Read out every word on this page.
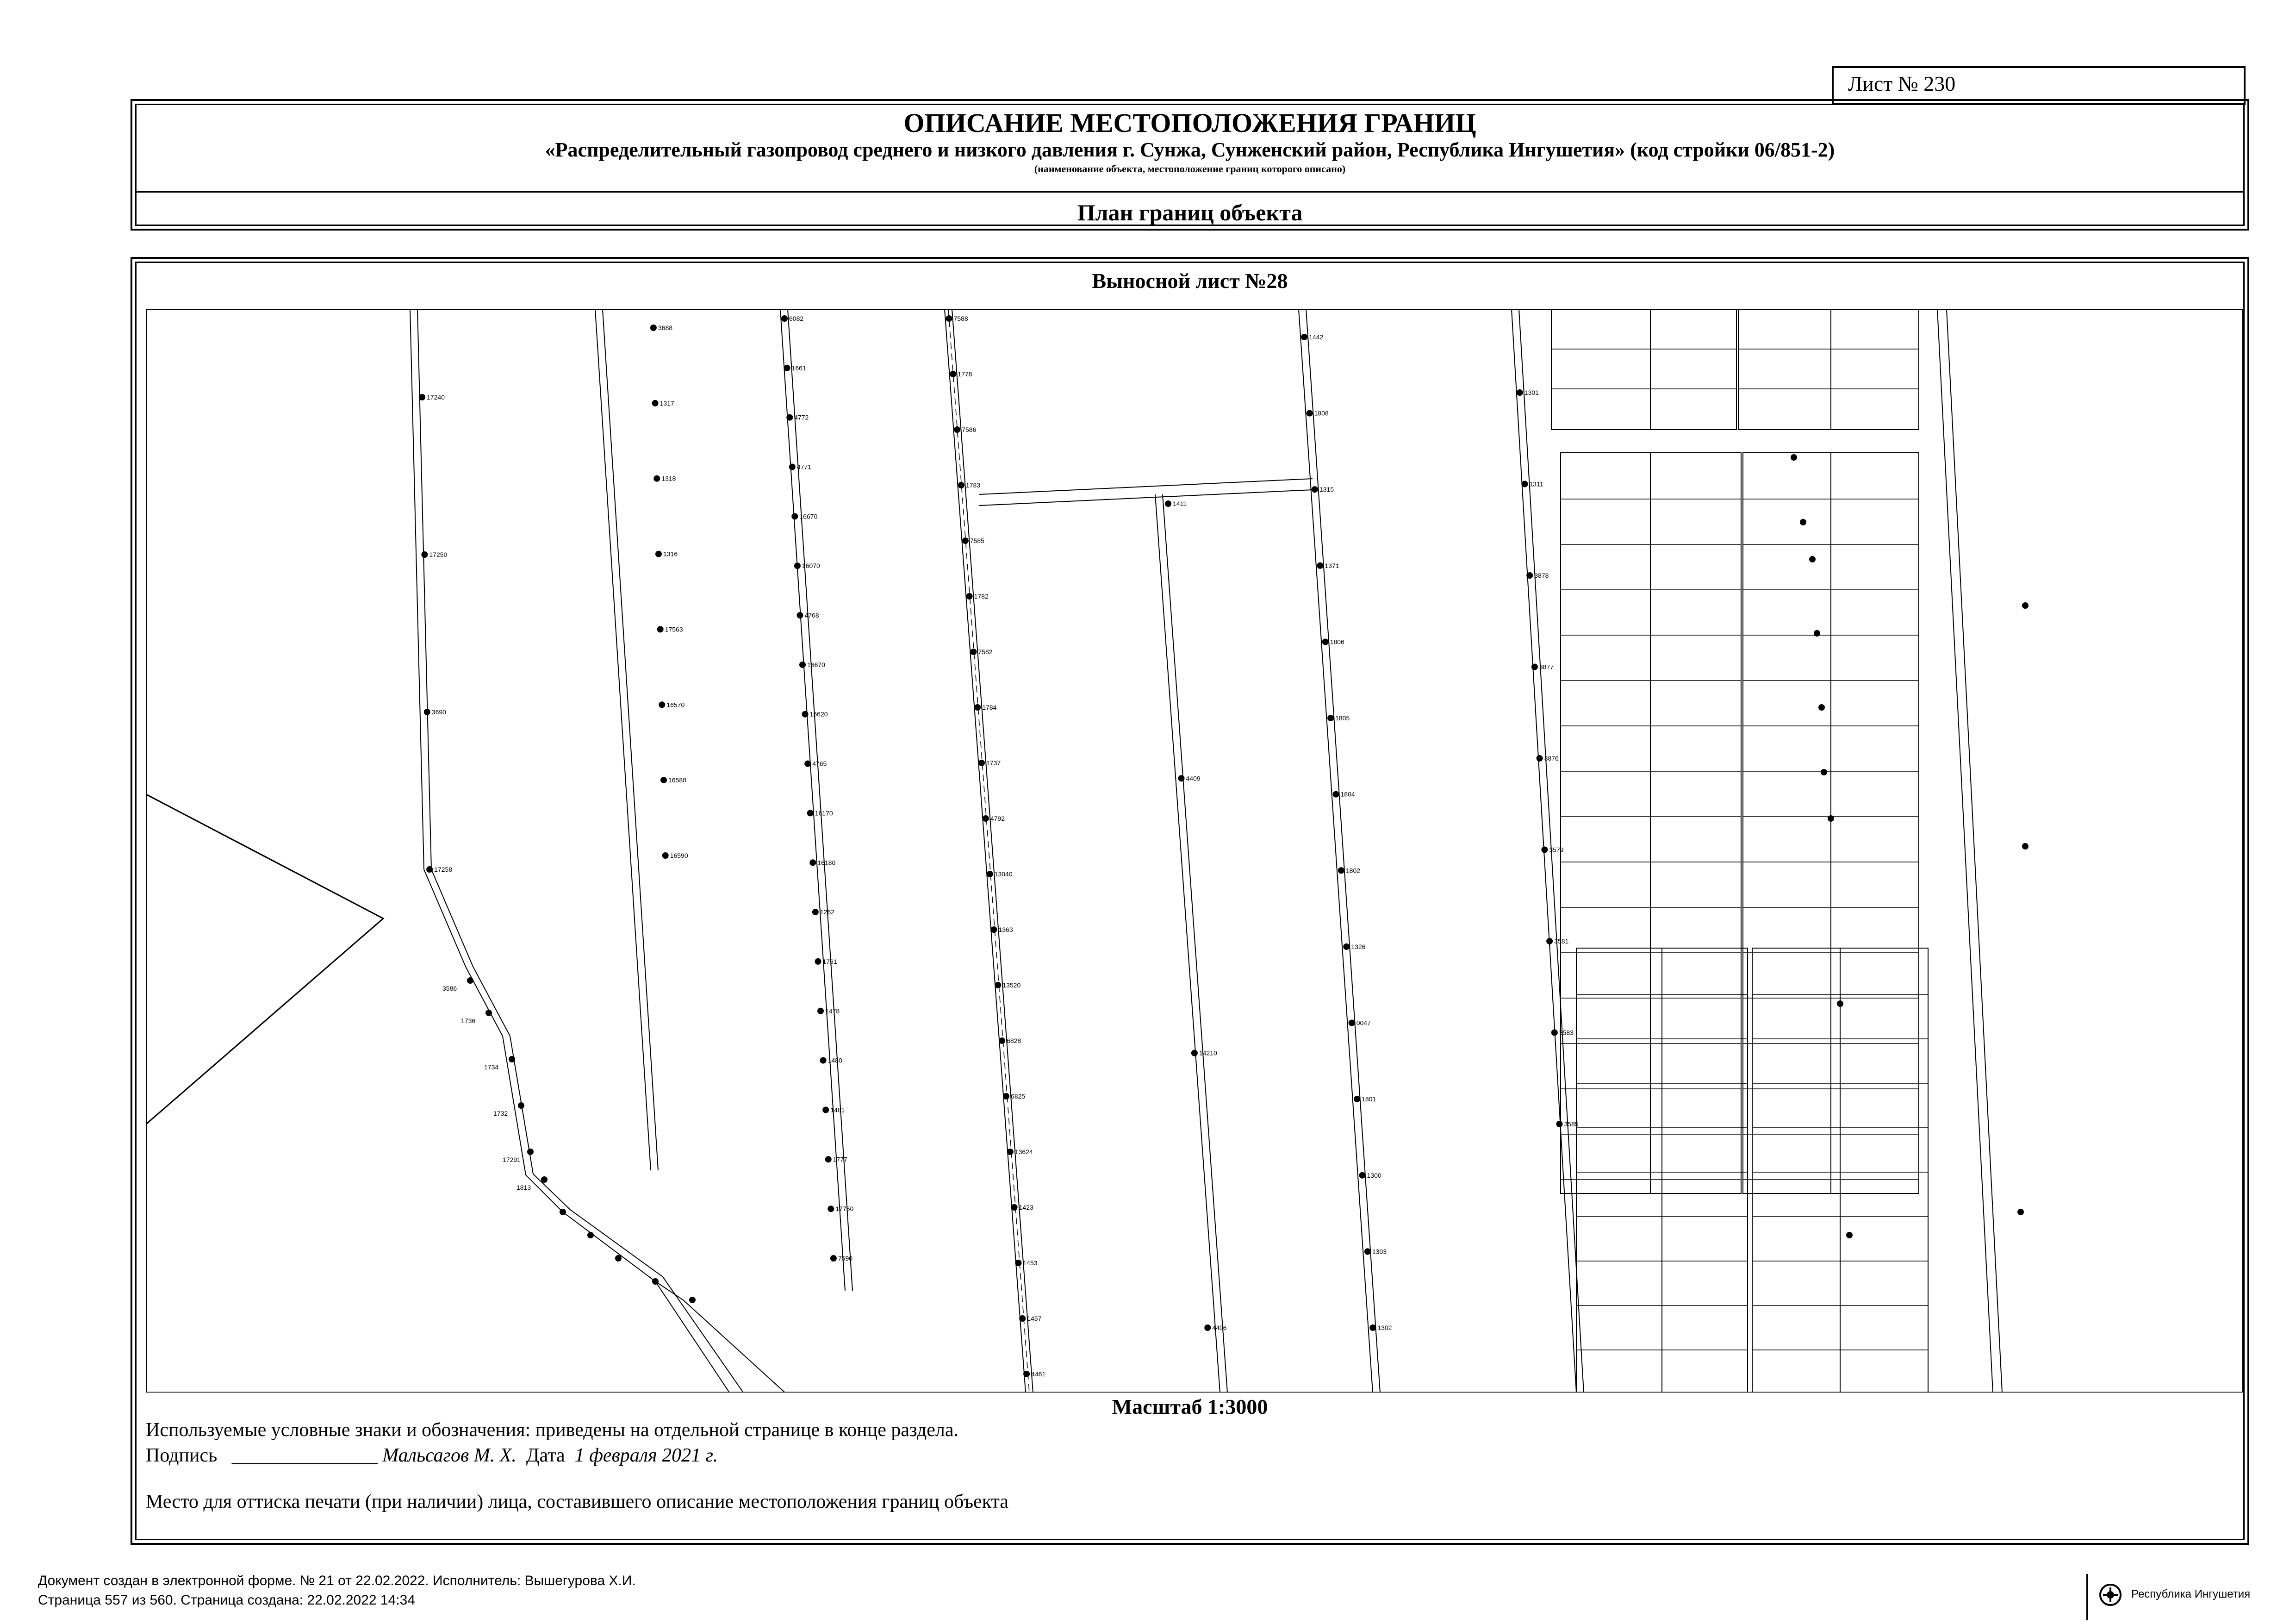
Лист № 230
ОПИСАНИЕ МЕСТОПОЛОЖЕНИЯ ГРАНИЦ
«Распределительный газопровод среднего и низкого давления г. Сунжа, Сунженский район, Республика Ингушетия» (код стройки 06/851-2)
(наименование объекта, местоположение границ которого описано)
План границ объекта
Выносной лист №28
17240
17250
3690
17258
3688
1317
1318
1316
17563
16570
16580
16590
6082
1661
4772
4771
16670
16070
4768
16670
16620
4765
16170
16180
1262
1761
1478
1480
1481
1777
17750
7590
7588
1778
7586
1783
7585
1782
7582
1784
1737
4792
13040
1363
13520
6828
6825
13624
1423
1453
1457
4461
1411
4409
14210
4406
1442
1808
1315
1371
1806
1805
1804
1802
1326
0047
1801
1300
1303
1302
1301
1311
3878
3877
3876
3579
3581
3583
3585
3586
1736
1734
1732
17291
1813
Масштаб 1:3000
Используемые условные знаки и обозначения: приведены на отдельной странице в конце раздела.
Подпись _______________ Мальсагов М. Х. Дата 1 февраля 2021 г.
Место для оттиска печати (при наличии) лица, составившего описание местоположения границ объекта
Документ создан в электронной форме. № 21 от 22.02.2022. Исполнитель: Вышегурова Х.И.
Страница 557 из 560. Страница создана: 22.02.2022 14:34	Республика Ингушетия
